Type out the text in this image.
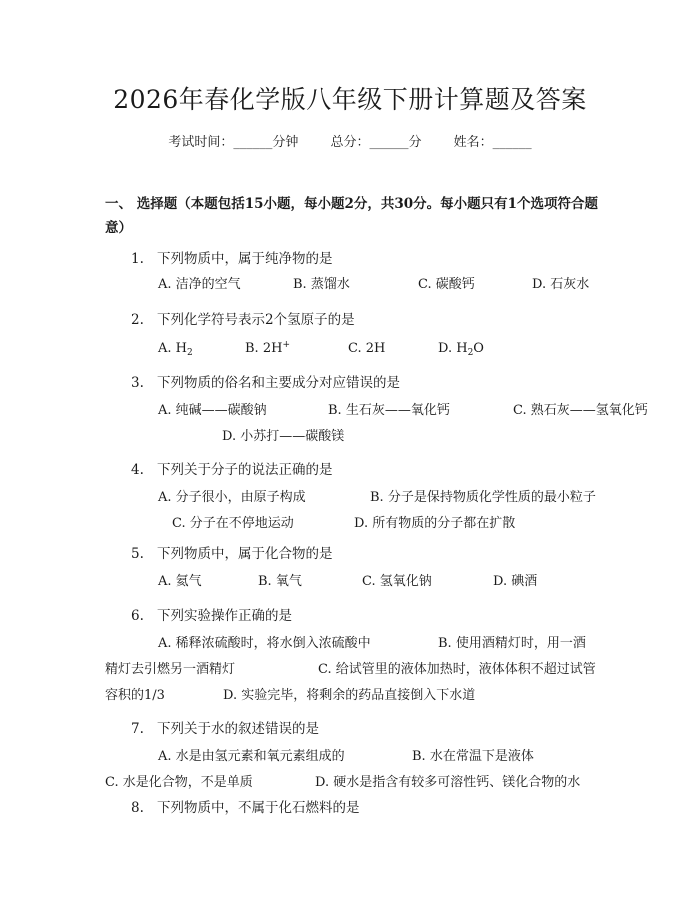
2026年春化学版八年级下册计算题及答案
考试时间：______分钟 总分：______分 姓名：______
一、 选择题（本题包括15小题，每小题2分，共30分。每小题只有1个选项符合题意）
1. 下列物质中，属于纯净物的是
A. 洁净的空气	B. 蒸馏水	C. 碳酸钙	D. 石灰水
2. 下列化学符号表示2个氢原子的是
A. $H_2$	B. 2H+	C. 2H	D. $H_2O$
3. 下列物质的俗名和主要成分对应错误的是
A. 纯碱——碳酸钠	B. 生石灰——氧化钙	C. 熟石灰——氢氧化钙
D. 小苏打——碳酸镁
4. 下列关于分子的说法正确的是
A. 分子很小，由原子构成	B. 分子是保持物质化学性质的最小粒子
C. 分子在不停地运动	D. 所有物质的分子都在扩散
5. 下列物质中，属于化合物的是
A. 氦气	B. 氧气	C. 氢氧化钠	D. 碘酒
6. 下列实验操作正确的是
A. 稀释浓硫酸时，将水倒入浓硫酸中	B. 使用酒精灯时，用一酒
精灯去引燃另一酒精灯	C. 给试管里的液体加热时，液体体积不超过试管
容积的1/3	D. 实验完毕，将剩余的药品直接倒入下水道
7. 下列关于水的叙述错误的是
A. 水是由氢元素和氧元素组成的	B. 水在常温下是液体
C. 水是化合物，不是单质	D. 硬水是指含有较多可溶性钙、镁化合物的水
8. 下列物质中，不属于化石燃料的是
